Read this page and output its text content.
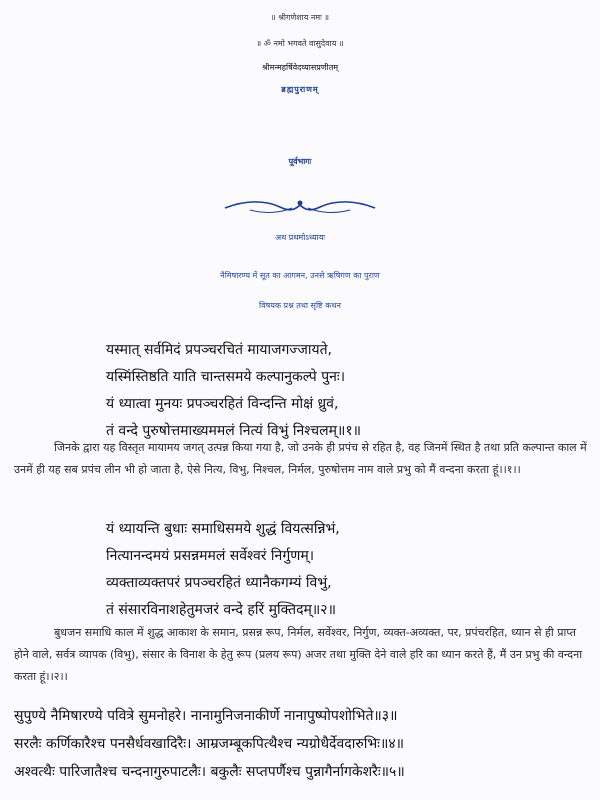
॥ श्रीगणेशाय नमः ॥
॥ ॐ नमो भगवते वासुदेवाय ॥
श्रीमन्महर्षिवेदव्यासप्रणीतम्
ब्रह्मपुराणम्
पूर्वभागः
अथ प्रथमोऽध्यायः
नैमिषारण्य में सूत का आगमन, उनसे ऋषिगण का पुराण
विषयक प्रश्न तथा सृष्टि कथन
यस्मात् सर्वमिदं प्रपञ्चरचितं मायाजगज्जायते,
यस्मिंस्तिष्ठति याति चान्तसमये कल्पानुकल्पे पुनः।
यं ध्यात्वा मुनयः प्रपञ्चरहितं विन्दन्ति मोक्षं ध्रुवं,
तं वन्दे पुरुषोत्तमाख्यममलं नित्यं विभुं निश्चलम्॥१॥
जिनके द्वारा यह विस्तृत मायामय जगत् उत्पन्न किया गया है, जो उनके ही प्रपंच से रहित है, वह जिनमें स्थित है तथा प्रति कल्पान्त काल में उनमें ही यह सब प्रपंच लीन भी हो जाता है, ऐसे नित्य, विभु, निश्चल, निर्मल, पुरुषोत्तम नाम वाले प्रभु को मैं वन्दना करता हूं।।१।।
यं ध्यायन्ति बुधाः समाधिसमये शुद्धं वियत्सन्निभं,
नित्यानन्दमयं प्रसन्नममलं सर्वेश्वरं निर्गुणम्।
व्यक्ताव्यक्तपरं प्रपञ्चरहितं ध्यानैकगम्यं विभुं,
तं संसारविनाशहेतुमजरं वन्दे हरिं मुक्तिदम्॥२॥
बुधजन समाधि काल में शुद्ध आकाश के समान, प्रसन्न रूप, निर्मल, सर्वेश्वर, निर्गुण, व्यक्त-अव्यक्त, पर, प्रपंचरहित, ध्यान से ही प्राप्त होने वाले, सर्वत्र व्यापक (विभु), संसार के विनाश के हेतु रूप (प्रलय रूप) अजर तथा मुक्ति देने वाले हरि का ध्यान करते हैं, मैं उन प्रभु की वन्दना करता हूं।।२।।
सुपुण्ये नैमिषारण्ये पवित्रे सुमनोहरे। नानामुनिजनाकीर्णे नानापुष्पोपशोभिते॥३॥
सरलैः कर्णिकारैश्च पनसैर्धवखादिरैः। आम्रजम्बूकपित्थैश्च न्यग्रोधैर्देवदारुभिः॥४॥
अश्वत्थैः पारिजातैश्च चन्दनागुरुपाटलैः। बकुलैः सप्तपर्णैश्च पुन्नागैर्नागकेशरैः॥५॥
